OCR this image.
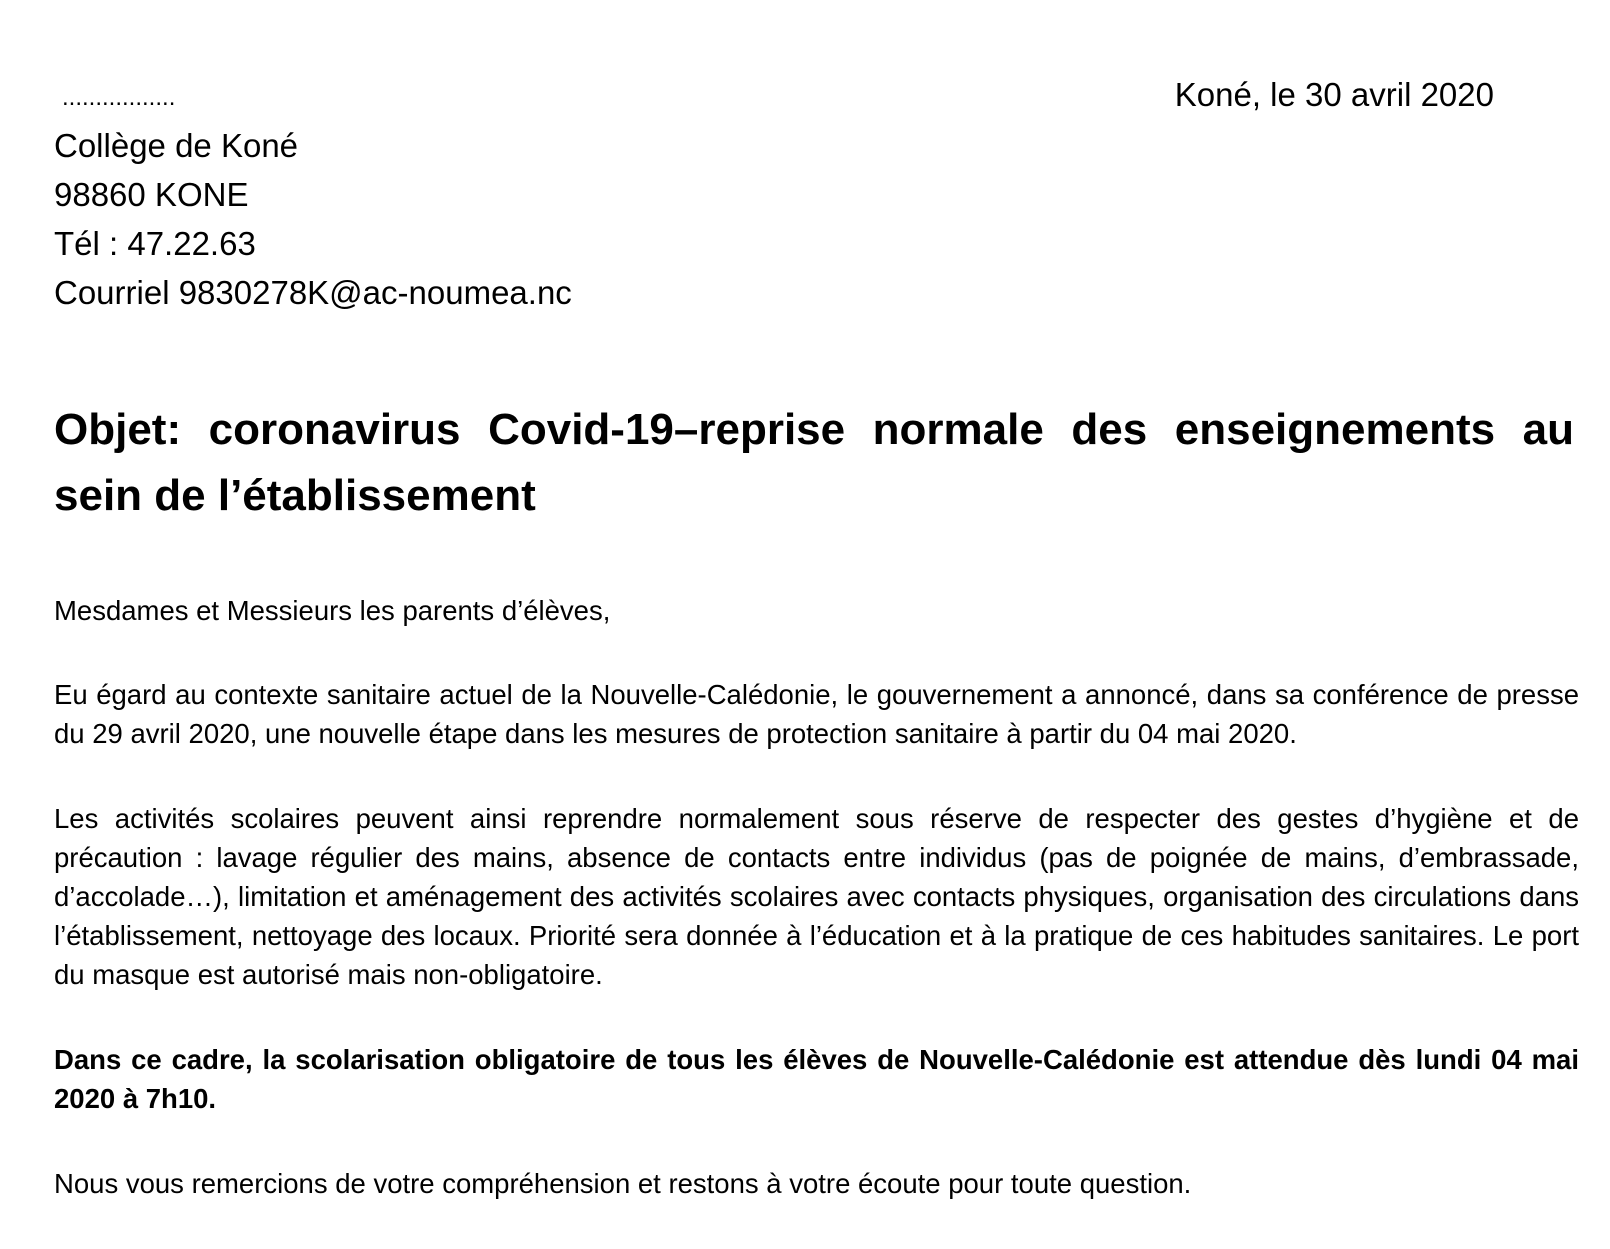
.................	Koné, le 30 avril 2020
Collège de Koné
98860 KONE
Tél : 47.22.63
Courriel 9830278K@ac-noumea.nc
Objet: coronavirus Covid-19–reprise normale des enseignements au sein de l’établissement

Mesdames et Messieurs les parents d’élèves,

Eu égard au contexte sanitaire actuel de la Nouvelle-Calédonie, le gouvernement a annoncé, dans sa conférence de presse du 29 avril 2020, une nouvelle étape dans les mesures de protection sanitaire à partir du 04 mai 2020.

Les activités scolaires peuvent ainsi reprendre normalement sous réserve de respecter des gestes d’hygiène et de précaution : lavage régulier des mains, absence de contacts entre individus (pas de poignée de mains, d’embrassade, d’accolade…), limitation et aménagement des activités scolaires avec contacts physiques, organisation des circulations dans l’établissement, nettoyage des locaux. Priorité sera donnée à l’éducation et à la pratique de ces habitudes sanitaires. Le port du masque est autorisé mais non-obligatoire.

Dans ce cadre, la scolarisation obligatoire de tous les élèves de Nouvelle-Calédonie est attendue dès lundi 04 mai 2020 à 7h10.

Nous vous remercions de votre compréhension et restons à votre écoute pour toute question.
